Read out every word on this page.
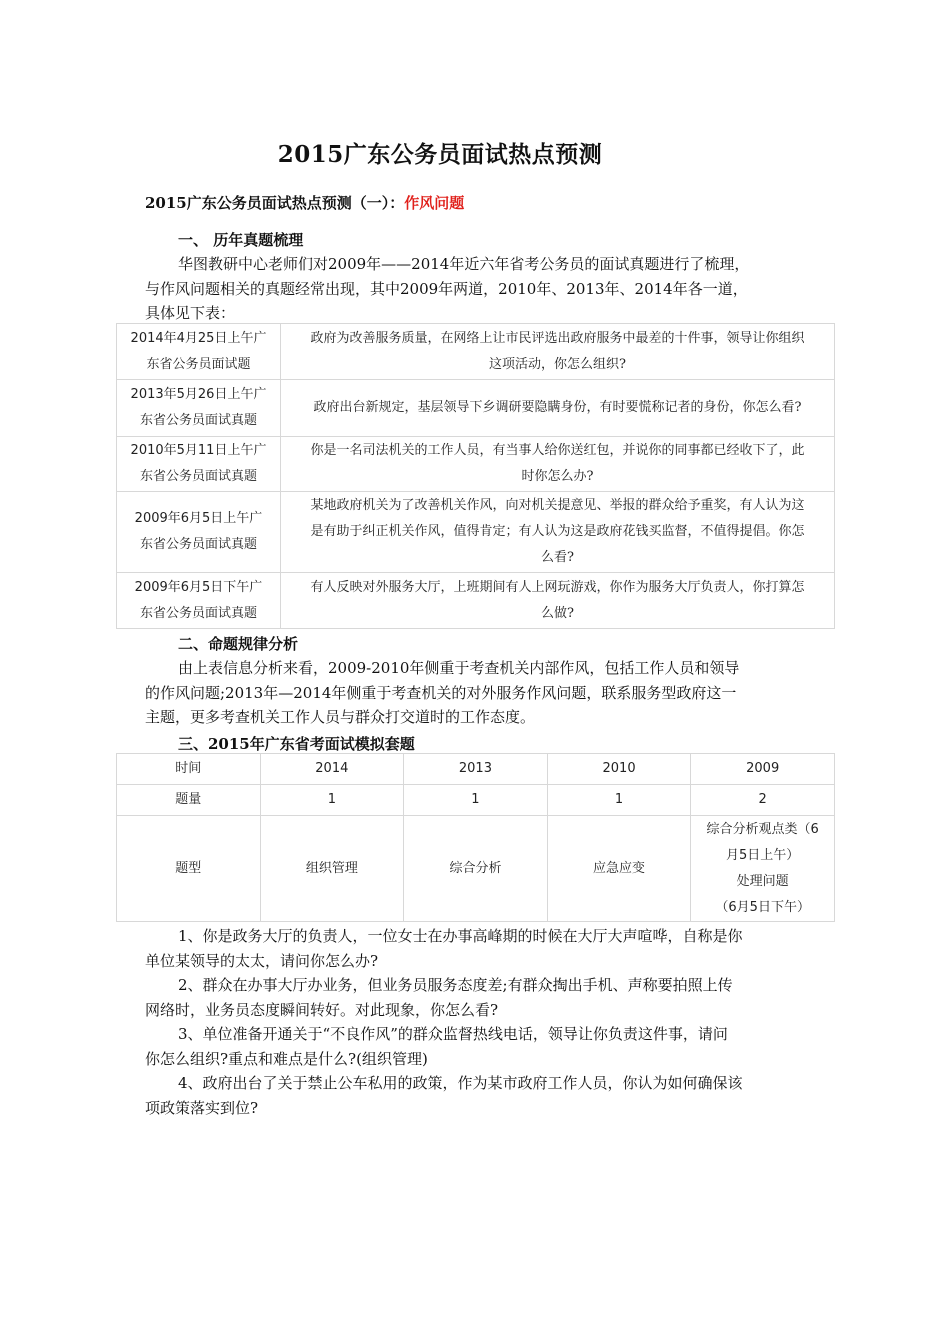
2015广东公务员面试热点预测
2015广东公务员面试热点预测（一）：作风问题
一、 历年真题梳理

华图教研中心老师们对2009年——2014年近六年省考公务员的面试真题进行了梳理，

与作风问题相关的真题经常出现，其中2009年两道，2010年、2013年、2014年各一道，

具体见下表：

2014年4月25日上午广
东省公务员面试题	政府为改善服务质量，在网络上让市民评选出政府服务中最差的十件事，领导让你组织
这项活动，你怎么组织?
2013年5月26日上午广
东省公务员面试真题	政府出台新规定，基层领导下乡调研要隐瞒身份，有时要慌称记者的身份，你怎么看?
2010年5月11日上午广
东省公务员面试真题	你是一名司法机关的工作人员，有当事人给你送红包，并说你的同事都已经收下了，此
时你怎么办?
2009年6月5日上午广
东省公务员面试真题	某地政府机关为了改善机关作风，向对机关提意见、举报的群众给予重奖，有人认为这
是有助于纠正机关作风，值得肯定；有人认为这是政府花钱买监督，不值得提倡。你怎
么看?
2009年6月5日下午广
东省公务员面试真题	有人反映对外服务大厅，上班期间有人上网玩游戏，你作为服务大厅负责人，你打算怎
么做?
二、命题规律分析

由上表信息分析来看，2009-2010年侧重于考查机关内部作风，包括工作人员和领导

的作风问题;2013年—2014年侧重于考查机关的对外服务作风问题，联系服务型政府这一

主题，更多考查机关工作人员与群众打交道时的工作态度。

三、2015年广东省考面试模拟套题
时间	2014	2013	2010	2009
题量	1	1	1	2
题型	组织管理	综合分析	应急应变	综合分析观点类（6
月5日上午）
处理问题
（6月5日下午）

1、你是政务大厅的负责人，一位女士在办事高峰期的时候在大厅大声喧哗，自称是你

单位某领导的太太，请问你怎么办?

2、群众在办事大厅办业务，但业务员服务态度差;有群众掏出手机、声称要拍照上传

网络时，业务员态度瞬间转好。对此现象，你怎么看?

3、单位准备开通关于“不良作风”的群众监督热线电话，领导让你负责这件事，请问

你怎么组织?重点和难点是什么?(组织管理)

4、政府出台了关于禁止公车私用的政策，作为某市政府工作人员，你认为如何确保该

项政策落实到位?
